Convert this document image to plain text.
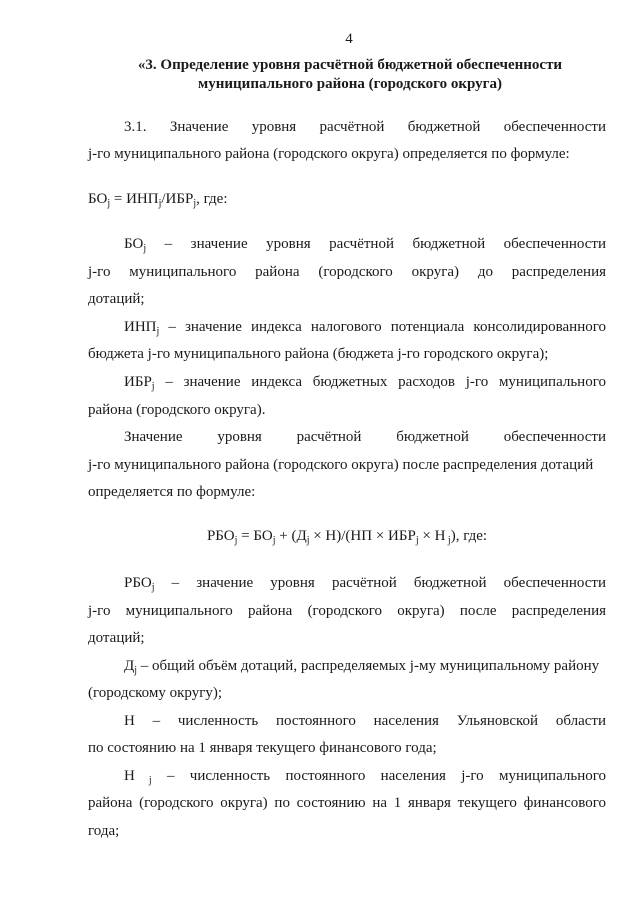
4
«3. Определение уровня расчётной бюджетной обеспеченности
муниципального района (городского округа)
3.1. Значение уровня расчётной бюджетной обеспеченности
j-го муниципального района (городского округа) определяется по формуле:
$БО_j = ИНП_j/ИБР_j$, где:
$БО_j$ – значение уровня расчётной бюджетной обеспеченности
j-го муниципального района (городского округа) до распределения
дотаций;
$ИНП_j$ – значение индекса налогового потенциала консолидированного
бюджета j-го муниципального района (бюджета j-го городского округа);
$ИБР_j$ – значение индекса бюджетных расходов j-го муниципального
района (городского округа).
Значение уровня расчётной бюджетной обеспеченности
j-го муниципального района (городского округа) после распределения дотаций
определяется по формуле:
$РБО_j = БО_j + (Д_j \times Н)/(НП \times ИБР_j \times Н$ $_j$), где:
$РБО_j$ – значение уровня расчётной бюджетной обеспеченности
j-го муниципального района (городского округа) после распределения
дотаций;
$Д_j$ – общий объём дотаций, распределяемых j-му муниципальному району
(городскому округу);
Н – численность постоянного населения Ульяновской области
по состоянию на 1 января текущего финансового года;
Н $_j$ – численность постоянного населения j-го муниципального
района (городского округа) по состоянию на 1 января текущего финансового
года;
